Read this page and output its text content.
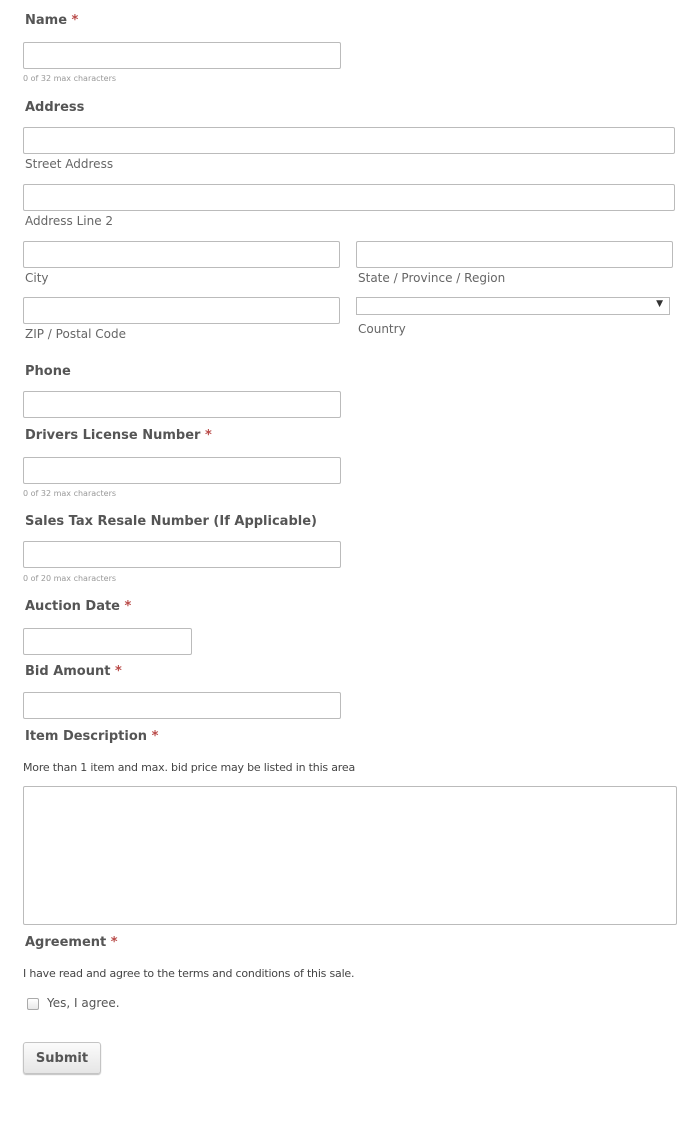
Name *
0 of 32 max characters
Address
Street Address
Address Line 2
City	State / Province / Region
ZIP / Postal Code
▼
Country
Phone
Drivers License Number *
0 of 32 max characters
Sales Tax Resale Number (If Applicable)
0 of 20 max characters
Auction Date *
Bid Amount *
Item Description *
More than 1 item and max. bid price may be listed in this area
Agreement *
I have read and agree to the terms and conditions of this sale.
Yes, I agree.
Submit
